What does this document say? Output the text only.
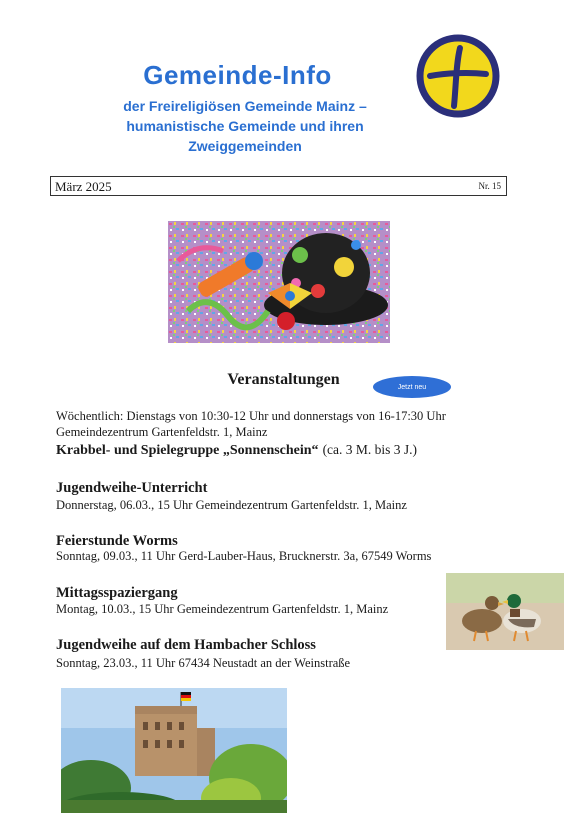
Gemeinde-Info
der Freireligiösen Gemeinde Mainz –
humanistische Gemeinde und ihren
Zweiggemeinden
März 2025	Nr. 15
Veranstaltungen	Jetzt neu
Wöchentlich: Dienstags von 10:30-12 Uhr und donnerstags von 16-17:30 Uhr
Gemeindezentrum Gartenfeldstr. 1, Mainz
Krabbel- und Spielegruppe „Sonnenschein“ (ca. 3 M. bis 3 J.)
Jugendweihe-Unterricht
Donnerstag, 06.03., 15 Uhr Gemeindezentrum Gartenfeldstr. 1, Mainz
Feierstunde Worms
Sonntag, 09.03., 11 Uhr Gerd-Lauber-Haus, Brucknerstr. 3a, 67549 Worms
Mittagsspaziergang
Montag, 10.03., 15 Uhr Gemeindezentrum Gartenfeldstr. 1, Mainz
Jugendweihe auf dem Hambacher Schloss
Sonntag, 23.03., 11 Uhr 67434 Neustadt an der Weinstraße
